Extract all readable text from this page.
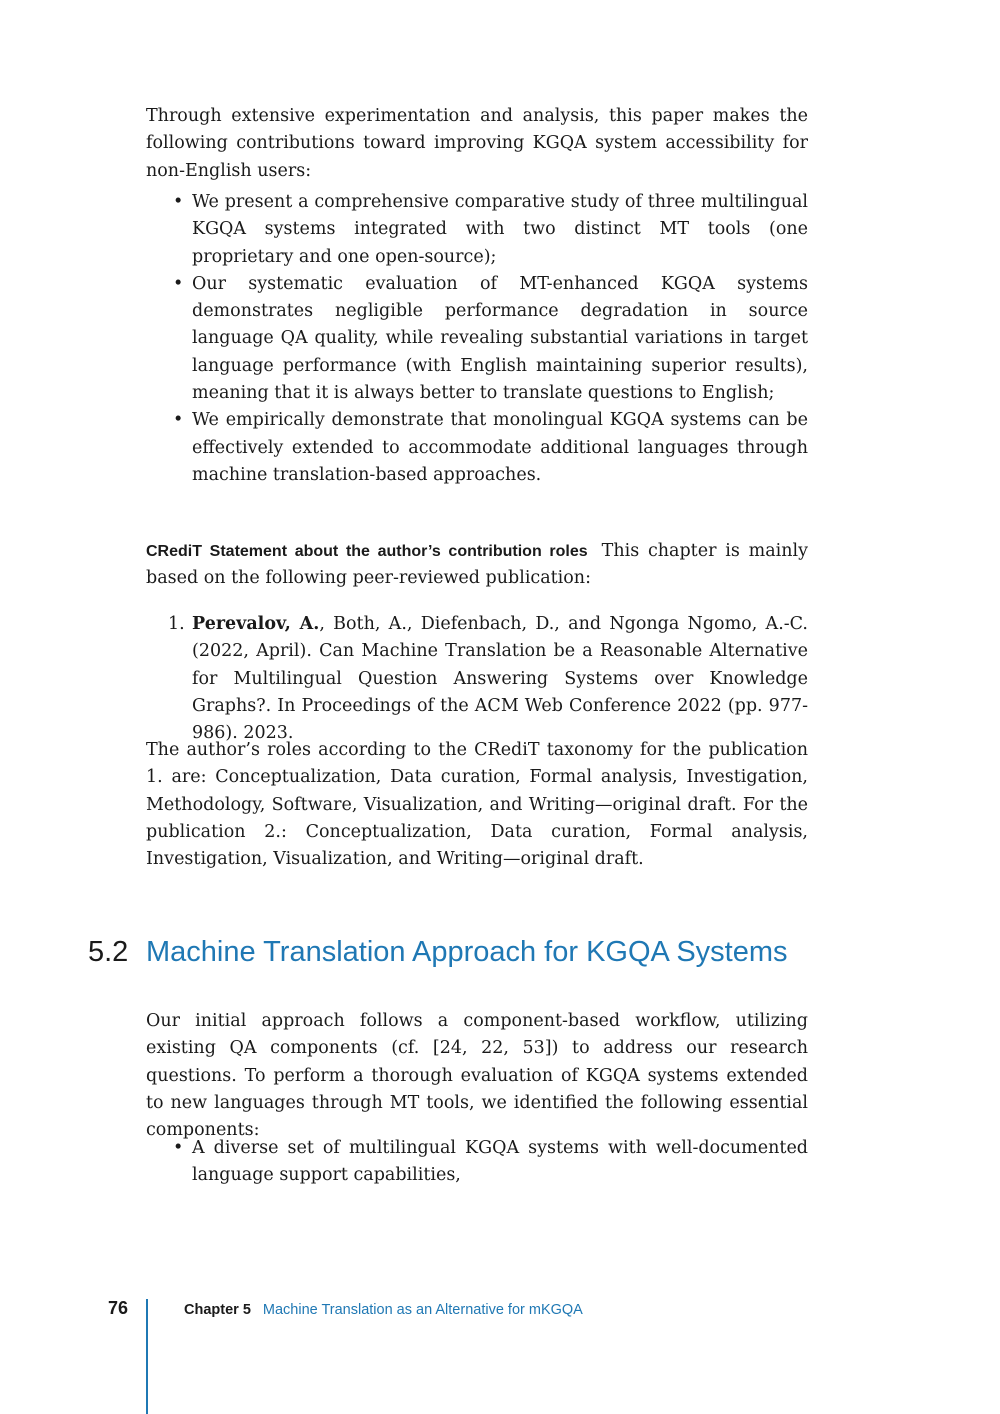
Through extensive experimentation and analysis, this paper makes the following contributions toward improving KGQA system accessibility for non-English users:

• We present a comprehensive comparative study of three multilingual KGQA systems integrated with two distinct MT tools (one proprietary and one open-source);
• Our systematic evaluation of MT-enhanced KGQA systems demonstrates negligible performance degradation in source language QA quality, while revealing substantial variations in target language performance (with English maintaining superior results), meaning that it is always better to translate questions to English;
• We empirically demonstrate that monolingual KGQA systems can be effectively extended to accommodate additional languages through machine translation-based approaches.

CRediT Statement about the author’s contribution roles This chapter is mainly based on the following peer-reviewed publication:

1. Perevalov, A., Both, A., Diefenbach, D., and Ngonga Ngomo, A.-C. (2022, April). Can Machine Translation be a Reasonable Alternative for Multilingual Question Answering Systems over Knowledge Graphs?. In Proceedings of the ACM Web Conference 2022 (pp. 977-986). 2023.

The author’s roles according to the CRediT taxonomy for the publication 1. are: Conceptualization, Data curation, Formal analysis, Investigation, Methodology, Software, Visualization, and Writing—original draft. For the publication 2.: Conceptualization, Data curation, Formal analysis, Investigation, Visualization, and Writing—original draft.

5.2 Machine Translation Approach for KGQA Systems

Our initial approach follows a component-based workflow, utilizing existing QA components (cf. [24, 22, 53]) to address our research questions. To perform a thorough evaluation of KGQA systems extended to new languages through MT tools, we identified the following essential components:

• A diverse set of multilingual KGQA systems with well-documented language support capabilities,
76	Chapter 5 Machine Translation as an Alternative for mKGQA
